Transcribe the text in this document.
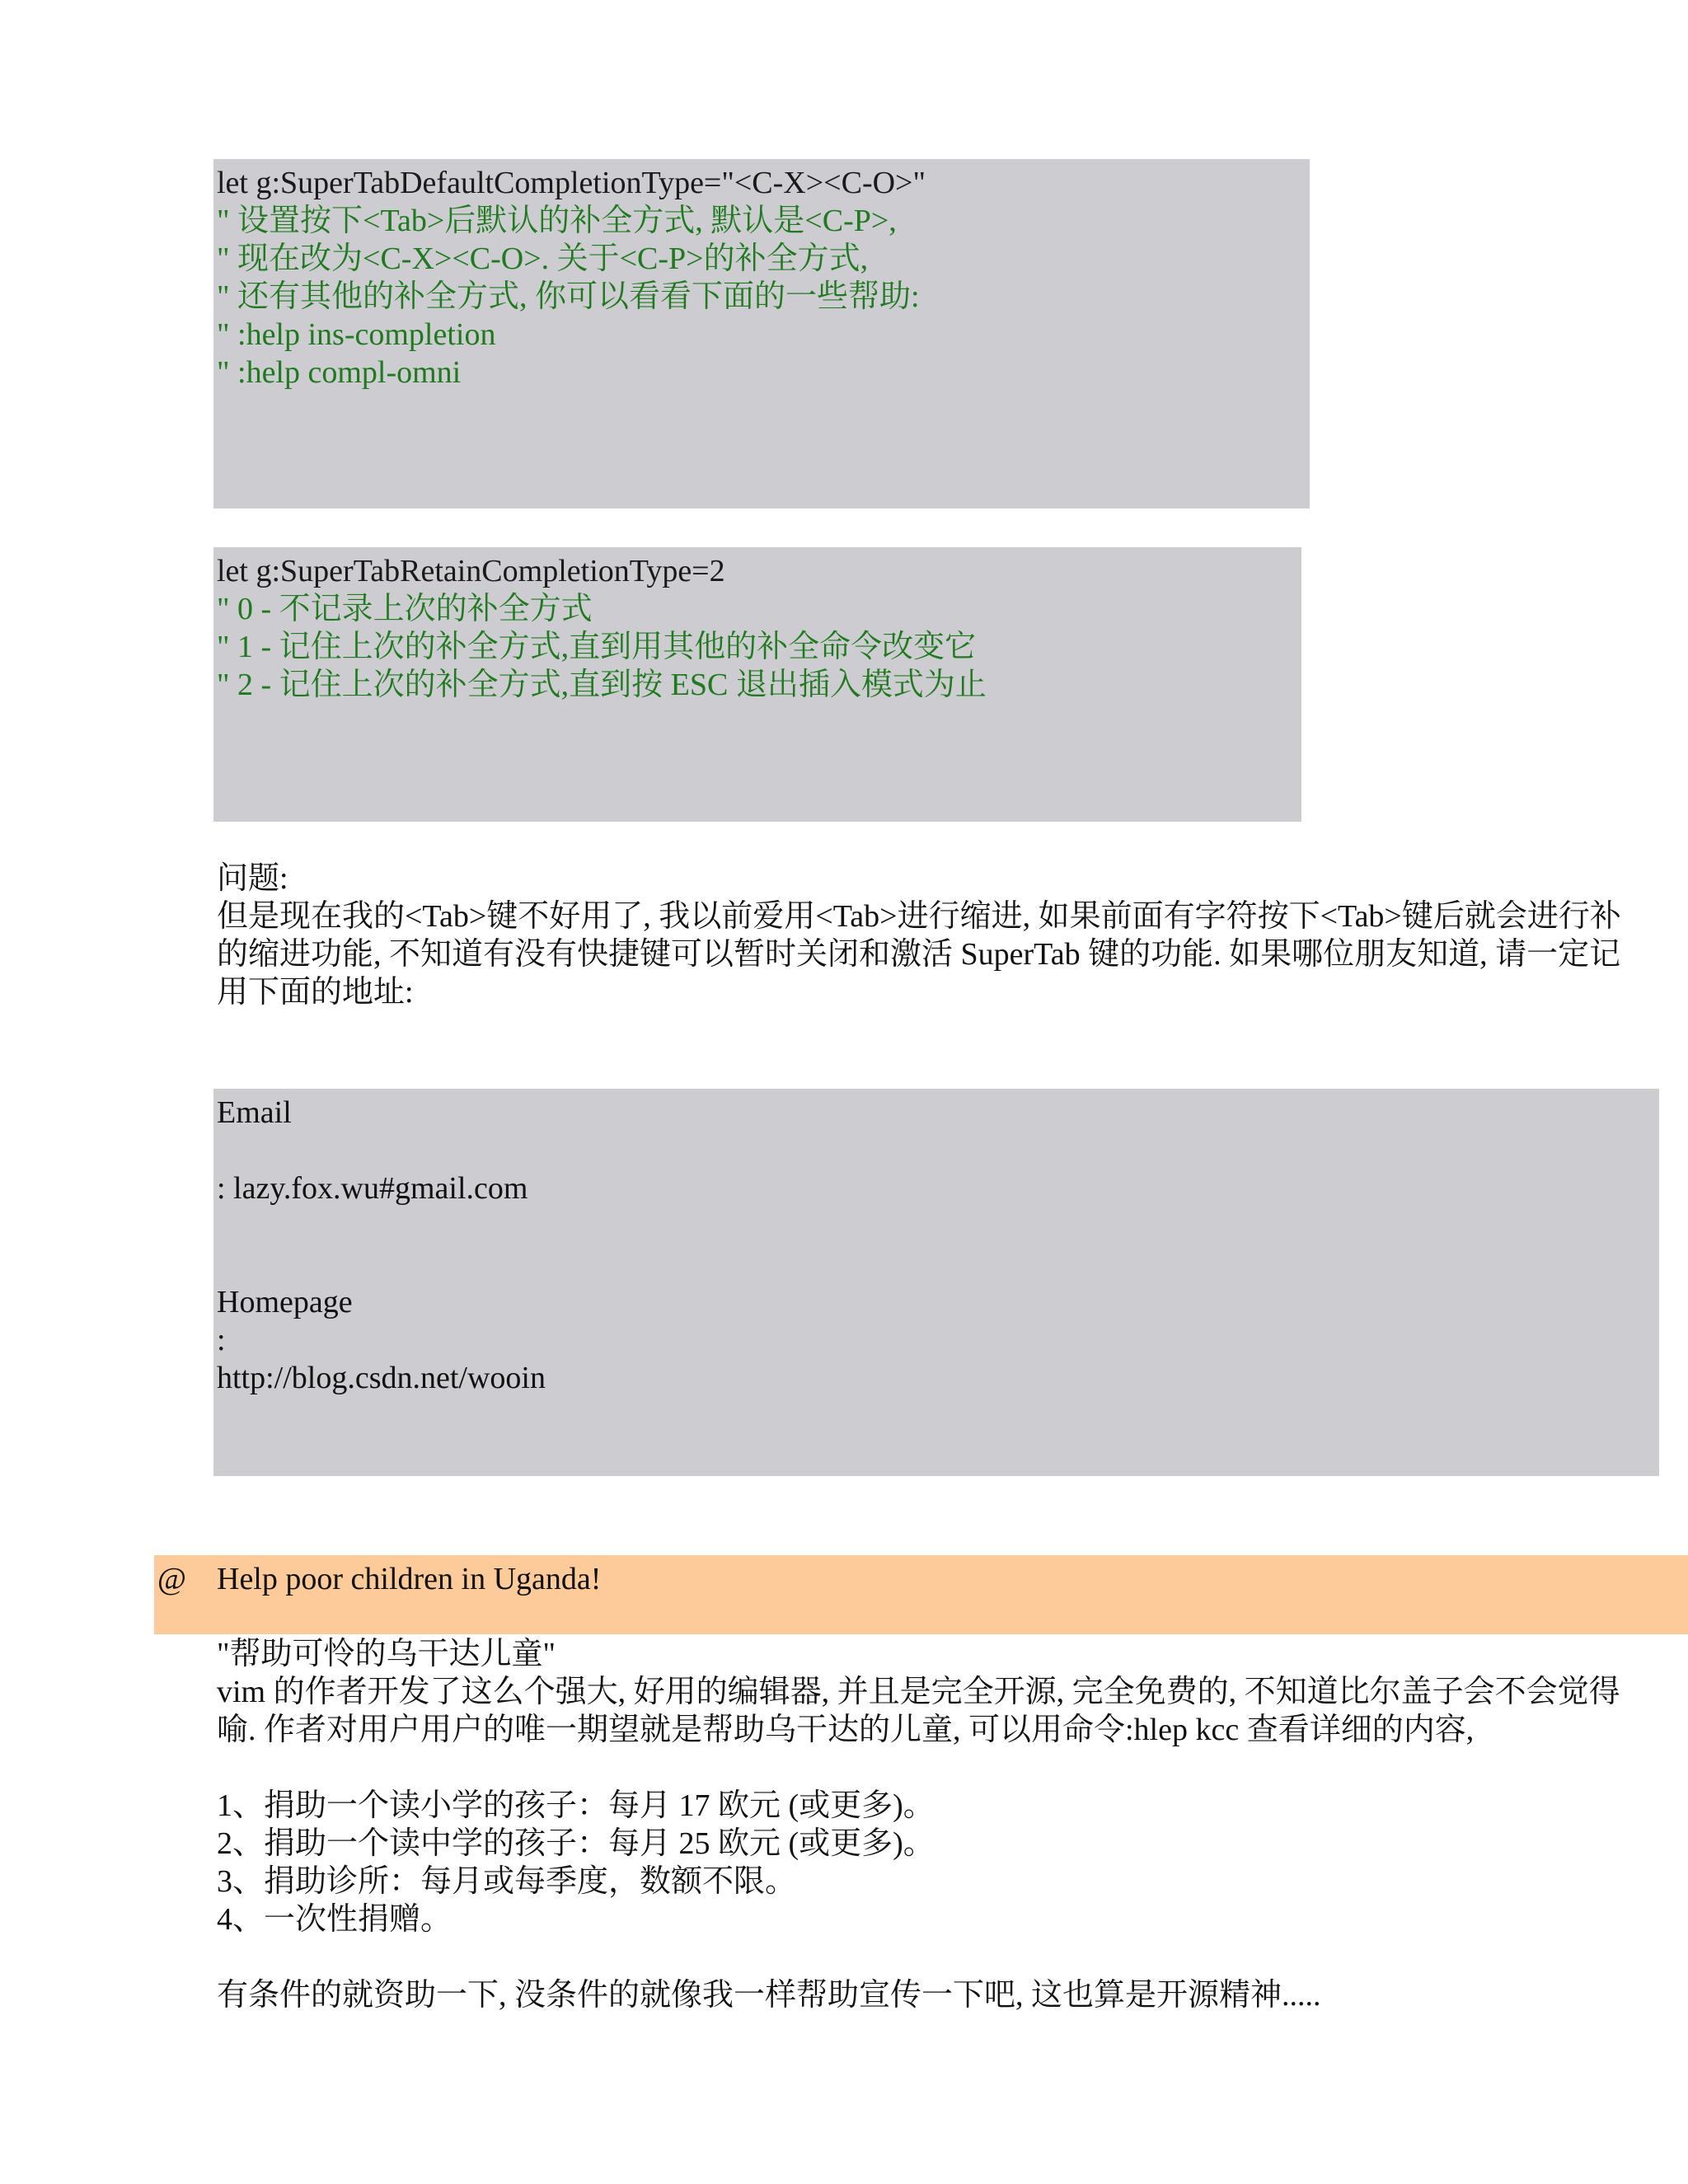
let g:SuperTabDefaultCompletionType="<C-X><C-O>"
" 设置按下<Tab>后默认的补全方式, 默认是<C-P>,
" 现在改为<C-X><C-O>. 关于<C-P>的补全方式,
" 还有其他的补全方式, 你可以看看下面的一些帮助:
" :help ins-completion
" :help compl-omni
let g:SuperTabRetainCompletionType=2
" 0 - 不记录上次的补全方式
" 1 - 记住上次的补全方式,直到用其他的补全命令改变它
" 2 - 记住上次的补全方式,直到按 ESC 退出插入模式为止
问题:
但是现在我的<Tab>键不好用了, 我以前爱用<Tab>进行缩进, 如果前面有字符按下<Tab>键后就会进行补
的缩进功能, 不知道有没有快捷键可以暂时关闭和激活 SuperTab 键的功能. 如果哪位朋友知道, 请一定记
用下面的地址:
Email
: lazy.fox.wu#gmail.com
Homepage
:
http://blog.csdn.net/wooin
@ Help poor children in Uganda!
"帮助可怜的乌干达儿童"
vim 的作者开发了这么个强大, 好用的编辑器, 并且是完全开源, 完全免费的, 不知道比尔盖子会不会觉得
喻. 作者对用户用户的唯一期望就是帮助乌干达的儿童, 可以用命令:hlep kcc 查看详细的内容,
1、捐助一个读小学的孩子：每月 17 欧元 (或更多)。
2、捐助一个读中学的孩子：每月 25 欧元 (或更多)。
3、捐助诊所：每月或每季度，数额不限。
4、一次性捐赠。
有条件的就资助一下, 没条件的就像我一样帮助宣传一下吧, 这也算是开源精神.....
